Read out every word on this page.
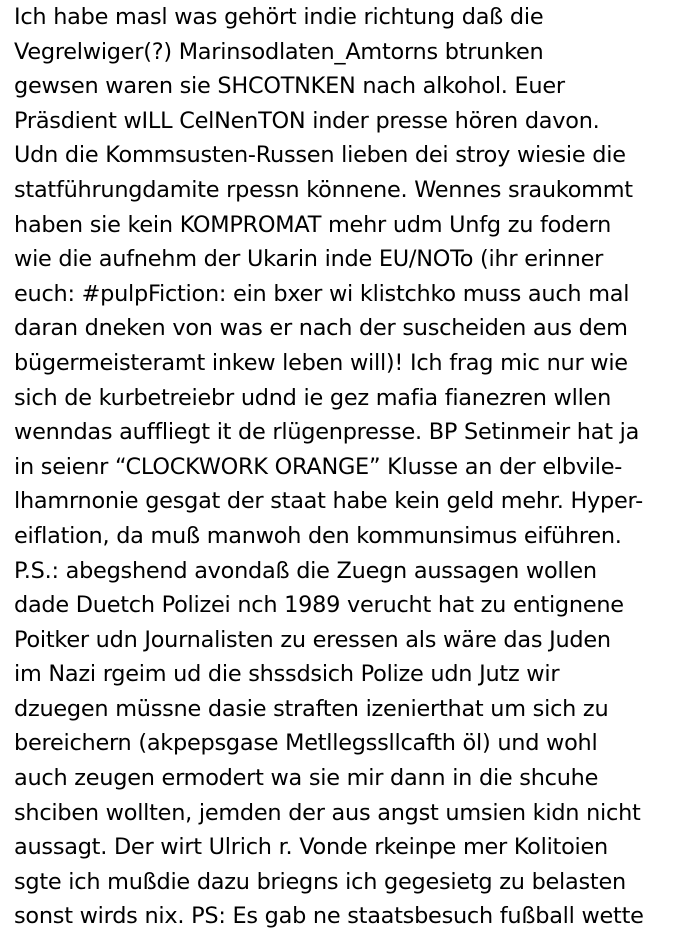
Ich habe masl was gehört indie richtung daß die
Vegrelwiger(?) Marinsodlaten_Amtorns btrunken
gewsen waren sie SHCOTNKEN nach alkohol. Euer
Präsdient wILL CelNenTON inder presse hören davon.
Udn die Kommsusten-Russen lieben dei stroy wiesie die
statführungdamite rpessn könnene. Wennes sraukommt
haben sie kein KOMPROMAT mehr udm Unfg zu fodern
wie die aufnehm der Ukarin inde EU/NOTo (ihr erinner
euch: #pulpFiction: ein bxer wi klistchko muss auch mal
daran dneken von was er nach der suscheiden aus dem
bügermeisteramt inkew leben will)! Ich frag mic nur wie
sich de kurbetreiebr udnd ie gez mafia fianezren wllen
wenndas auffliegt it de rlügenpresse. BP Setinmeir hat ja
in seienr “CLOCKWORK ORANGE” Klusse an der elbvile-
lhamrnonie gesgat der staat habe kein geld mehr. Hyper-
eiflation, da muß manwoh den kommunsimus eiführen.
P.S.: abegshend avondaß die Zuegn aussagen wollen
dade Duetch Polizei nch 1989 verucht hat zu entignene
Poitker udn Journalisten zu eressen als wäre das Juden
im Nazi rgeim ud die shssdsich Polize udn Jutz wir
dzuegen müssne dasie straften izenierthat um sich zu
bereichern (akpepsgase Metllegssllcafth öl) und wohl
auch zeugen ermodert wa sie mir dann in die shcuhe
shciben wollten, jemden der aus angst umsien kidn nicht
aussagt. Der wirt Ulrich r. Vonde rkeinpe mer Kolitoien
sgte ich mußdie dazu briegns ich gegesietg zu belasten
sonst wirds nix. PS: Es gab ne staatsbesuch fußball wette
